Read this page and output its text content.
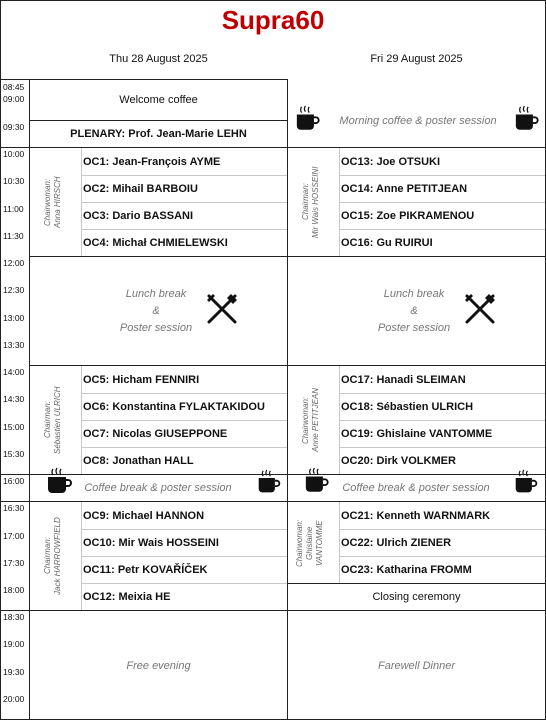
Supra60
Thu 28 August 2025	Fri 29 August 2025
08:45
09:00
09:30
10:00
10:30
11:00
11:30
12:00
12:30
13:00
13:30
14:00
14:30
15:00
15:30
16:00
16:30
17:00
17:30
18:00
18:30
19:00
19:30
20:00
Welcome coffee
PLENARY: Prof. Jean-Marie LEHN
Chairwoman:
Anna HIRSCH
OC1: Jean-François AYME
OC2: Mihail BARBOIU
OC3: Dario BASSANI
OC4: Michał CHMIELEWSKI
Lunch break
&
Poster session
Chairman:
Sébastien ULRICH
OC5: Hicham FENNIRI
OC6: Konstantina FYLAKTAKIDOU
OC7: Nicolas GIUSEPPONE
OC8: Jonathan HALL
Coffee break & poster session
Chairman:
Jack HARROWFIELD
OC9: Michael HANNON
OC10: Mir Wais HOSSEINI
OC11: Petr KOVAŘÍČEK
OC12: Meixia HE
Free evening
Morning coffee & poster session
Chairman:
Mir Wais HOSSEINI
OC13: Joe OTSUKI
OC14: Anne PETITJEAN
OC15: Zoe PIKRAMENOU
OC16: Gu RUIRUI
Lunch break
&
Poster session
Chairwoman:
Anne PETITJEAN
OC17: Hanadi SLEIMAN
OC18: Sébastien ULRICH
OC19: Ghislaine VANTOMME
OC20: Dirk VOLKMER
Coffee break & poster session
Chairwoman:
Ghislaine
VANTOMME
OC21: Kenneth WARNMARK
OC22: Ulrich ZIENER
OC23: Katharina FROMM
Closing ceremony
Farewell Dinner
